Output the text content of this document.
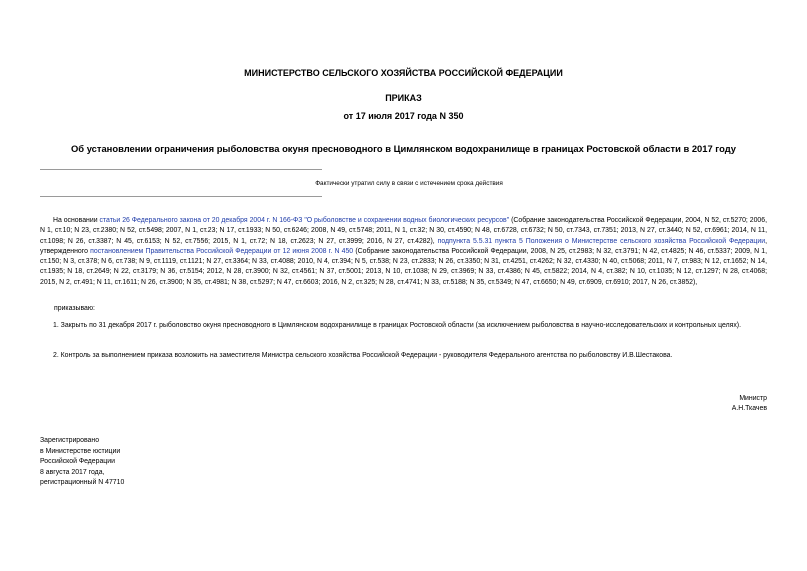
МИНИСТЕРСТВО СЕЛЬСКОГО ХОЗЯЙСТВА РОССИЙСКОЙ ФЕДЕРАЦИИ
ПРИКАЗ
от 17 июля 2017 года N 350
Об установлении ограничения рыболовства окуня пресноводного в Цимлянском водохранилище в границах Ростовской области в 2017 году
Фактически утратил силу в связи с истечением срока действия
На основании статьи 26 Федерального закона от 20 декабря 2004 г. N 166-ФЗ "О рыболовстве и сохранении водных биологических ресурсов" (Собрание законодательства Российской Федерации, 2004, N 52, ст.5270; 2006, N 1, ст.10; N 23, ст.2380; N 52, ст.5498; 2007, N 1, ст.23; N 17, ст.1933; N 50, ст.6246; 2008, N 49, ст.5748; 2011, N 1, ст.32; N 30, ст.4590; N 48, ст.6728, ст.6732; N 50, ст.7343, ст.7351; 2013, N 27, ст.3440; N 52, ст.6961; 2014, N 11, ст.1098; N 26, ст.3387; N 45, ст.6153; N 52, ст.7556; 2015, N 1, ст.72; N 18, ст.2623; N 27, ст.3999; 2016, N 27, ст.4282), подпункта 5.5.31 пункта 5 Положения о Министерстве сельского хозяйства Российской Федерации, утвержденного постановлением Правительства Российской Федерации от 12 июня 2008 г. N 450 (Собрание законодательства Российской Федерации, 2008, N 25, ст.2983; N 32, ст.3791; N 42, ст.4825; N 46, ст.5337; 2009, N 1, ст.150; N 3, ст.378; N 6, ст.738; N 9, ст.1119, ст.1121; N 27, ст.3364; N 33, ст.4088; 2010, N 4, ст.394; N 5, ст.538; N 23, ст.2833; N 26, ст.3350; N 31, ст.4251, ст.4262; N 32, ст.4330; N 40, ст.5068; 2011, N 7, ст.983; N 12, ст.1652; N 14, ст.1935; N 18, ст.2649; N 22, ст.3179; N 36, ст.5154; 2012, N 28, ст.3900; N 32, ст.4561; N 37, ст.5001; 2013, N 10, ст.1038; N 29, ст.3969; N 33, ст.4386; N 45, ст.5822; 2014, N 4, ст.382; N 10, ст.1035; N 12, ст.1297; N 28, ст.4068; 2015, N 2, ст.491; N 11, ст.1611; N 26, ст.3900; N 35, ст.4981; N 38, ст.5297; N 47, ст.6603; 2016, N 2, ст.325; N 28, ст.4741; N 33, ст.5188; N 35, ст.5349; N 47, ст.6650; N 49, ст.6909, ст.6910; 2017, N 26, ст.3852),
приказываю:
1. Закрыть по 31 декабря 2017 г. рыболовство окуня пресноводного в Цимлянском водохранилище в границах Ростовской области (за исключением рыболовства в научно-исследовательских и контрольных целях).
2. Контроль за выполнением приказа возложить на заместителя Министра сельского хозяйства Российской Федерации - руководителя Федерального агентства по рыболовству И.В.Шестакова.
Министр
А.Н.Ткачев
Зарегистрировано
в Министерстве юстиции
Российской Федерации
8 августа 2017 года,
регистрационный N 47710
